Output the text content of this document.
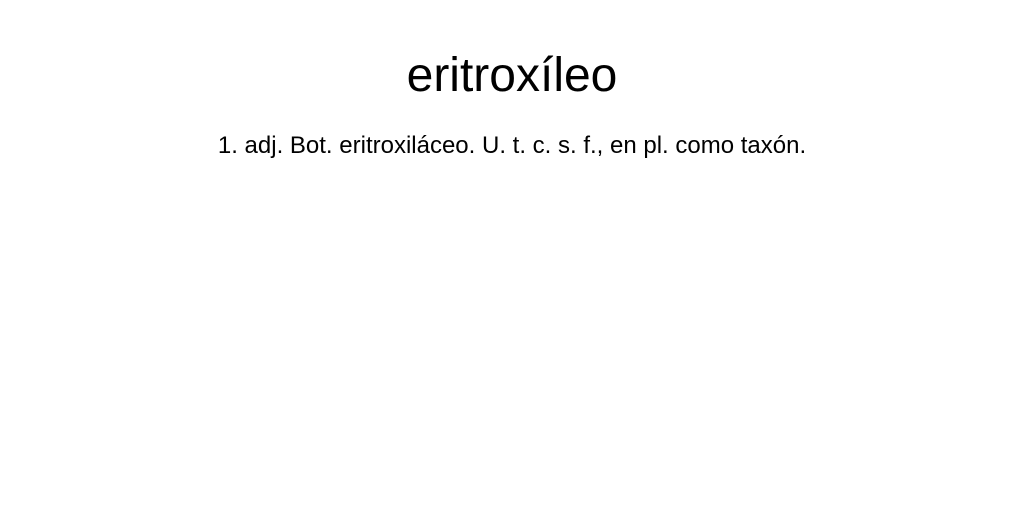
eritroxíleo

1. adj. Bot. eritroxiláceo. U. t. c. s. f., en pl. como taxón.
